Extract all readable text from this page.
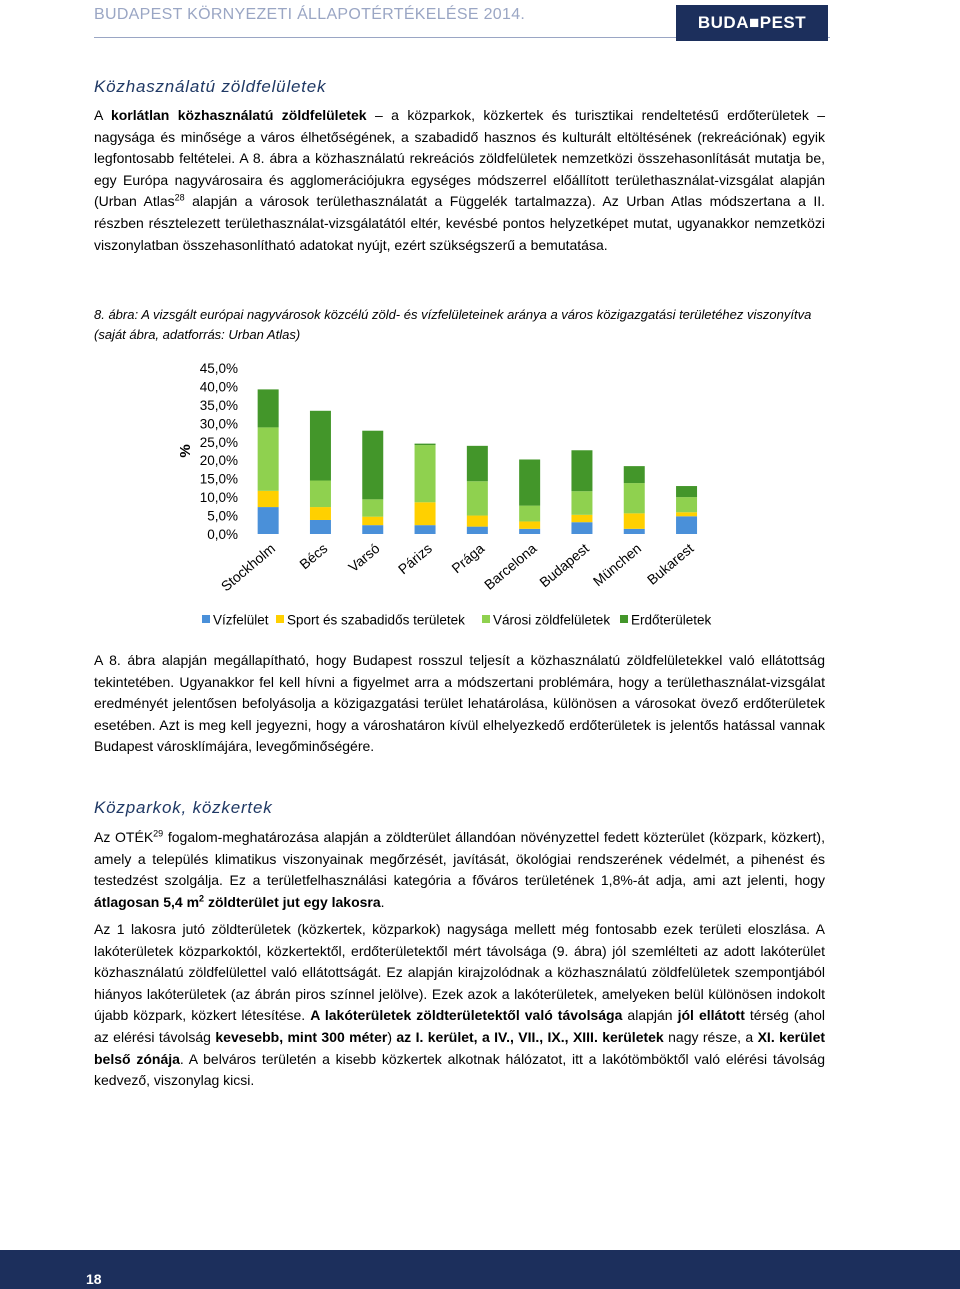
BUDAPEST KÖRNYEZETI ÁLLAPOTÉRTÉKELÉSE 2014.	BUDA■PEST
Közhasználatú zöldfelületek

A korlátlan közhasználatú zöldfelületek – a közparkok, közkertek és turisztikai rendeltetésű erdőterületek – nagysága és minősége a város élhetőségének, a szabadidő hasznos és kulturált eltöltésének (rekreációnak) egyik legfontosabb feltételei. A 8. ábra a közhasználatú rekreációs zöldfelületek nemzetközi összehasonlítását mutatja be, egy Európa nagyvárosaira és agglomerációjukra egységes módszerrel előállított területhasználat-vizsgálat alapján (Urban Atlas$^{28}$ alapján a városok területhasználatát a Függelék tartalmazza). Az Urban Atlas módszertana a II. részben résztelezett területhasználat-vizsgálatától eltér, kevésbé pontos helyzetképet mutat, ugyanakkor nemzetközi viszonylatban összehasonlítható adatokat nyújt, ezért szükségszerű a bemutatása.

8. ábra: A vizsgált európai nagyvárosok közcélú zöld- és vízfelületeinek aránya a város közigazgatási területéhez viszonyítva (saját ábra, adatforrás: Urban Atlas)

45,0%
40,0%
35,0%
30,0%
25,0%
20,0%
15,0%
10,0%
5,0%
0,0%
%
Stockholm Bécs Varsó Párizs Prága
Barcelona
Budapest
München Bukarest
Vízfelület Sport és szabadidős területek Városi zöldfelületek Erdőterületek

A 8. ábra alapján megállapítható, hogy Budapest rosszul teljesít a közhasználatú zöldfelületekkel való ellátottság tekintetében. Ugyanakkor fel kell hívni a figyelmet arra a módszertani problémára, hogy a területhasználat-vizsgálat eredményét jelentősen befolyásolja a közigazgatási terület lehatárolása, különösen a városokat övező erdőterületek esetében. Azt is meg kell jegyezni, hogy a városhatáron kívül elhelyezkedő erdőterületek is jelentős hatással vannak Budapest városklímájára, levegőminőségére.

Közparkok, közkertek

Az OTÉK$^{29}$ fogalom-meghatározása alapján a zöldterület állandóan növényzettel fedett közterület (közpark, közkert), amely a település klimatikus viszonyainak megőrzését, javítását, ökológiai rendszerének védelmét, a pihenést és testedzést szolgálja. Ez a területfelhasználási kategória a főváros területének 1,8%-át adja, ami azt jelenti, hogy átlagosan 5,4 $m^2$ zöldterület jut egy lakosra.

Az 1 lakosra jutó zöldterületek (közkertek, közparkok) nagysága mellett még fontosabb ezek területi eloszlása. A lakóterületek közparkoktól, közkertektől, erdőterületektől mért távolsága (9. ábra) jól szemlélteti az adott lakóterület közhasználatú zöldfelülettel való ellátottságát. Ez alapján kirajzolódnak a közhasználatú zöldfelületek szempontjából hiányos lakóterületek (az ábrán piros színnel jelölve). Ezek azok a lakóterületek, amelyeken belül különösen indokolt újabb közpark, közkert létesítése. A lakóterületek zöldterületektől való távolsága alapján jól ellátott térség (ahol az elérési távolság kevesebb, mint 300 méter) az I. kerület, a IV., VII., IX., XIII. kerületek nagy része, a XI. kerület belső zónája. A belváros területén a kisebb közkertek alkotnak hálózatot, itt a lakótömböktől való elérési távolság kedvező, viszonylag kicsi.

18
